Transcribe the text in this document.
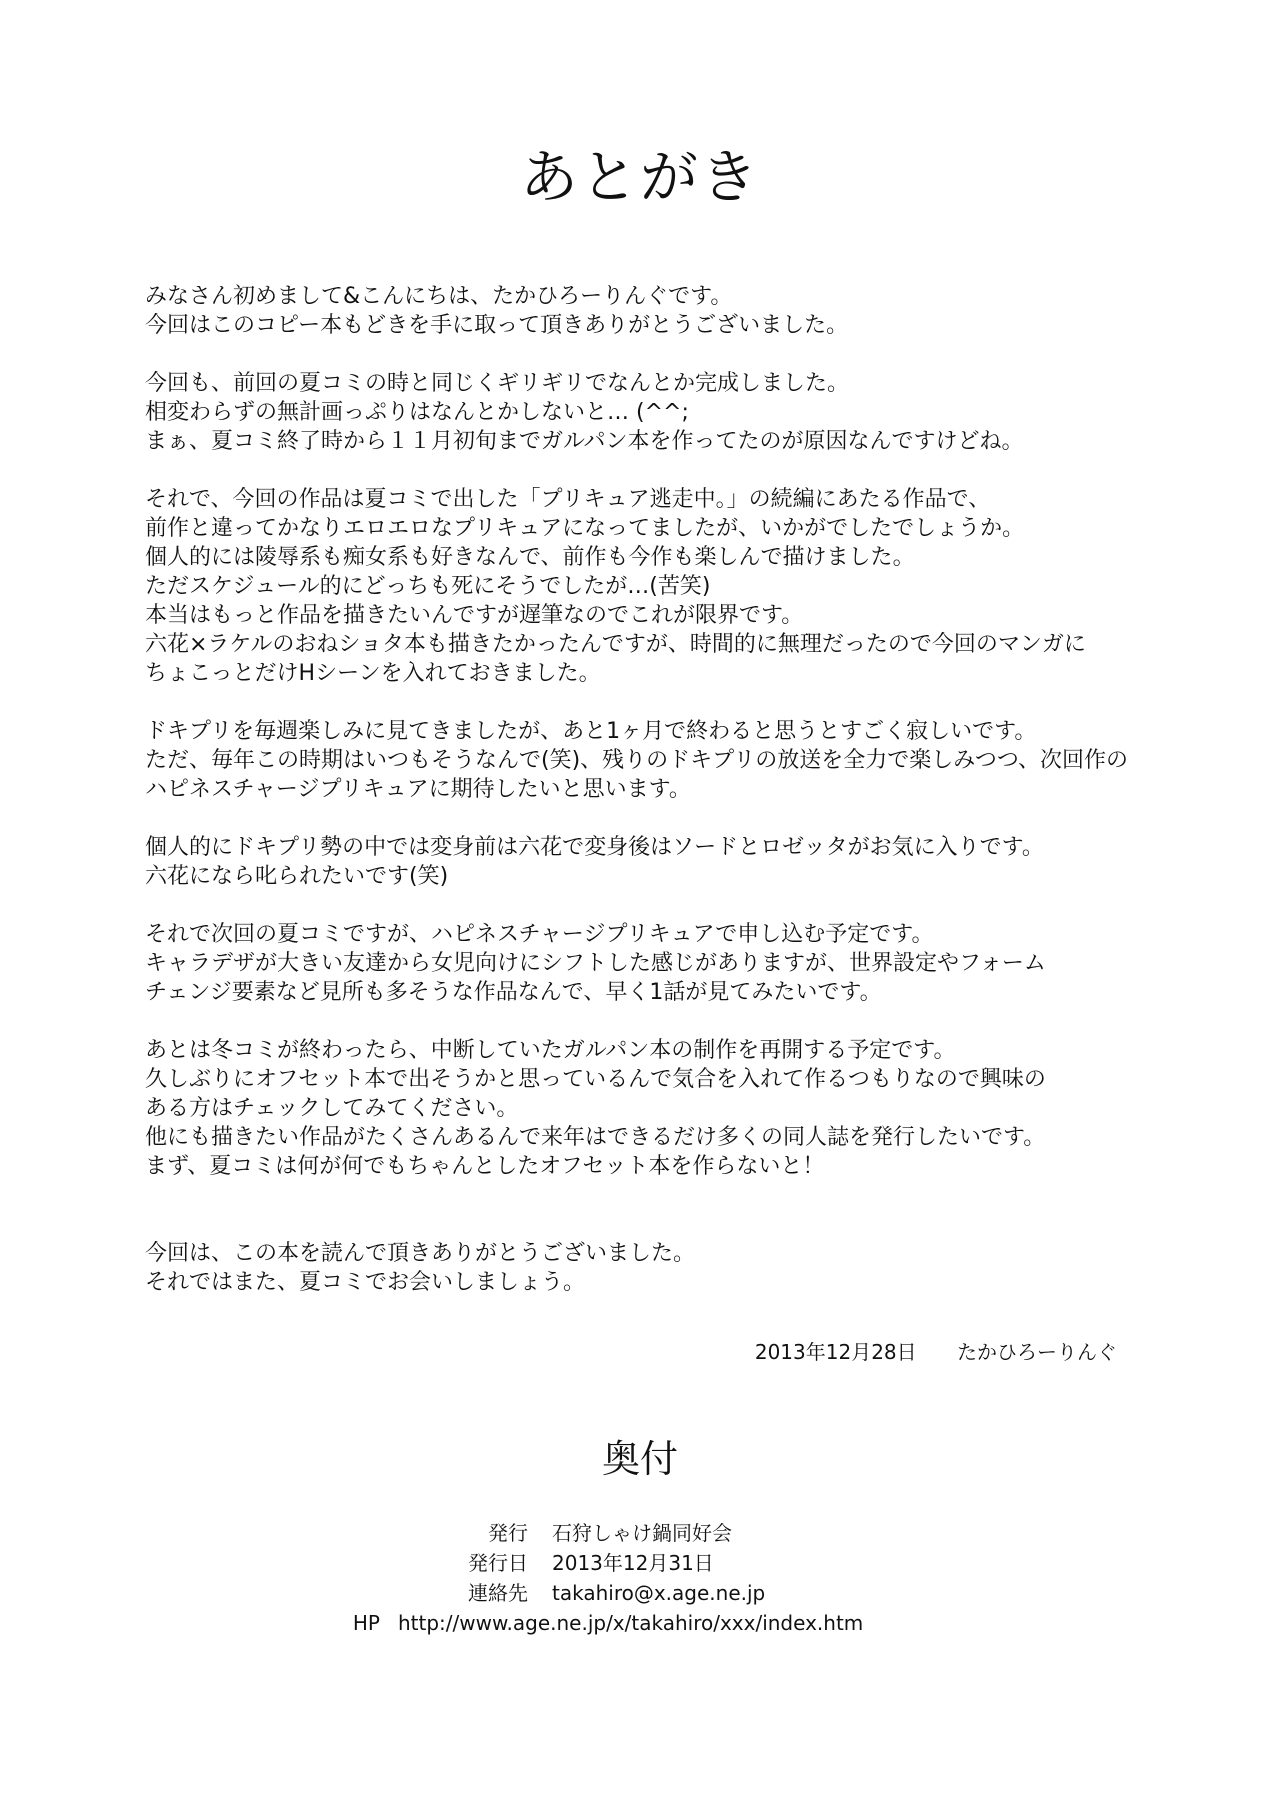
あとがき
みなさん初めまして&こんにちは、たかひろーりんぐです。
今回はこのコピー本もどきを手に取って頂きありがとうございました。
今回も、前回の夏コミの時と同じくギリギリでなんとか完成しました。
相変わらずの無計画っぷりはなんとかしないと… (^^;
まぁ、夏コミ終了時から１１月初旬までガルパン本を作ってたのが原因なんですけどね。
それで、今回の作品は夏コミで出した「プリキュア逃走中。」の続編にあたる作品で、
前作と違ってかなりエロエロなプリキュアになってましたが、いかがでしたでしょうか。
個人的には陵辱系も痴女系も好きなんで、前作も今作も楽しんで描けました。
ただスケジュール的にどっちも死にそうでしたが…(苦笑)
本当はもっと作品を描きたいんですが遅筆なのでこれが限界です。
六花×ラケルのおねショタ本も描きたかったんですが、時間的に無理だったので今回のマンガに
ちょこっとだけHシーンを入れておきました。
ドキプリを毎週楽しみに見てきましたが、あと1ヶ月で終わると思うとすごく寂しいです。
ただ、毎年この時期はいつもそうなんで(笑)、残りのドキプリの放送を全力で楽しみつつ、次回作の
ハピネスチャージプリキュアに期待したいと思います。
個人的にドキプリ勢の中では変身前は六花で変身後はソードとロゼッタがお気に入りです。
六花になら叱られたいです(笑)
それで次回の夏コミですが、ハピネスチャージプリキュアで申し込む予定です。
キャラデザが大きい友達から女児向けにシフトした感じがありますが、世界設定やフォーム
チェンジ要素など見所も多そうな作品なんで、早く1話が見てみたいです。
あとは冬コミが終わったら、中断していたガルパン本の制作を再開する予定です。
久しぶりにオフセット本で出そうかと思っているんで気合を入れて作るつもりなので興味の
ある方はチェックしてみてください。
他にも描きたい作品がたくさんあるんで来年はできるだけ多くの同人誌を発行したいです。
まず、夏コミは何が何でもちゃんとしたオフセット本を作らないと！
今回は、この本を読んで頂きありがとうございました。
それではまた、夏コミでお会いしましょう。
2013年12月28日 たかひろーりんぐ
奥付
発行 石狩しゃけ鍋同好会
発行日 2013年12月31日
連絡先 takahiro@x.age.ne.jp
HP http://www.age.ne.jp/x/takahiro/xxx/index.htm
